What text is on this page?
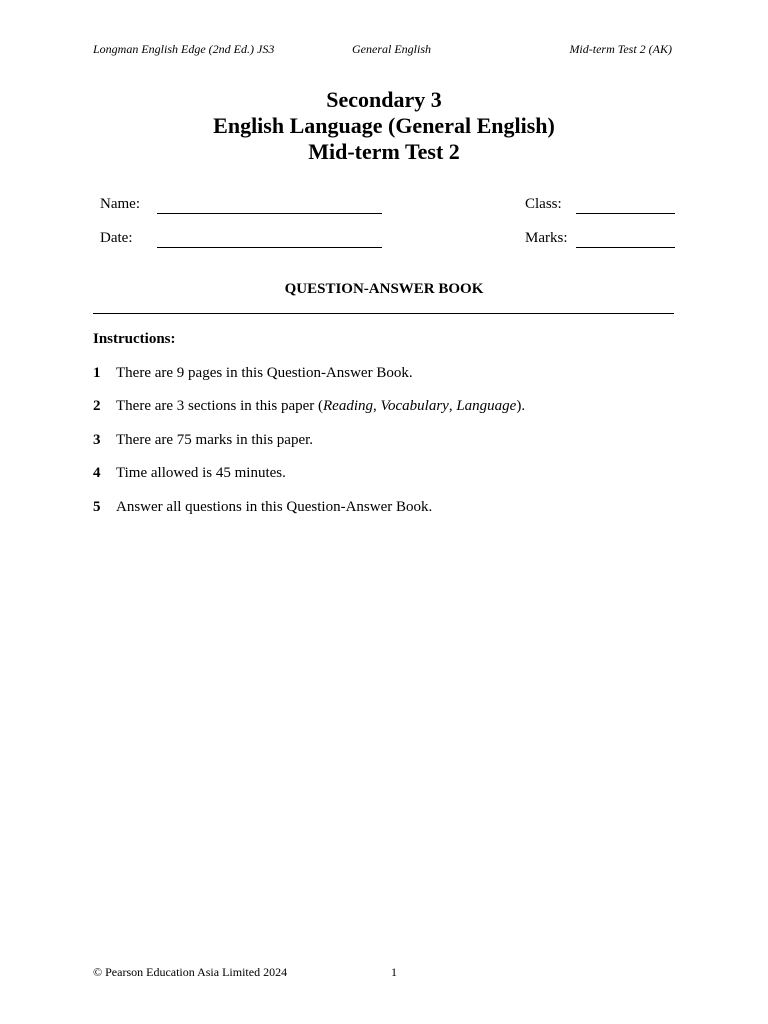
Longman English Edge (2nd Ed.) JS3	General English	Mid-term Test 2 (AK)
Secondary 3
English Language (General English)
Mid-term Test 2
Name:	Class:
Date:	Marks:
QUESTION-ANSWER BOOK
Instructions:
1 There are 9 pages in this Question-Answer Book.
2 There are 3 sections in this paper (Reading, Vocabulary, Language).
3 There are 75 marks in this paper.
4 Time allowed is 45 minutes.
5 Answer all questions in this Question-Answer Book.
© Pearson Education Asia Limited 2024	1
